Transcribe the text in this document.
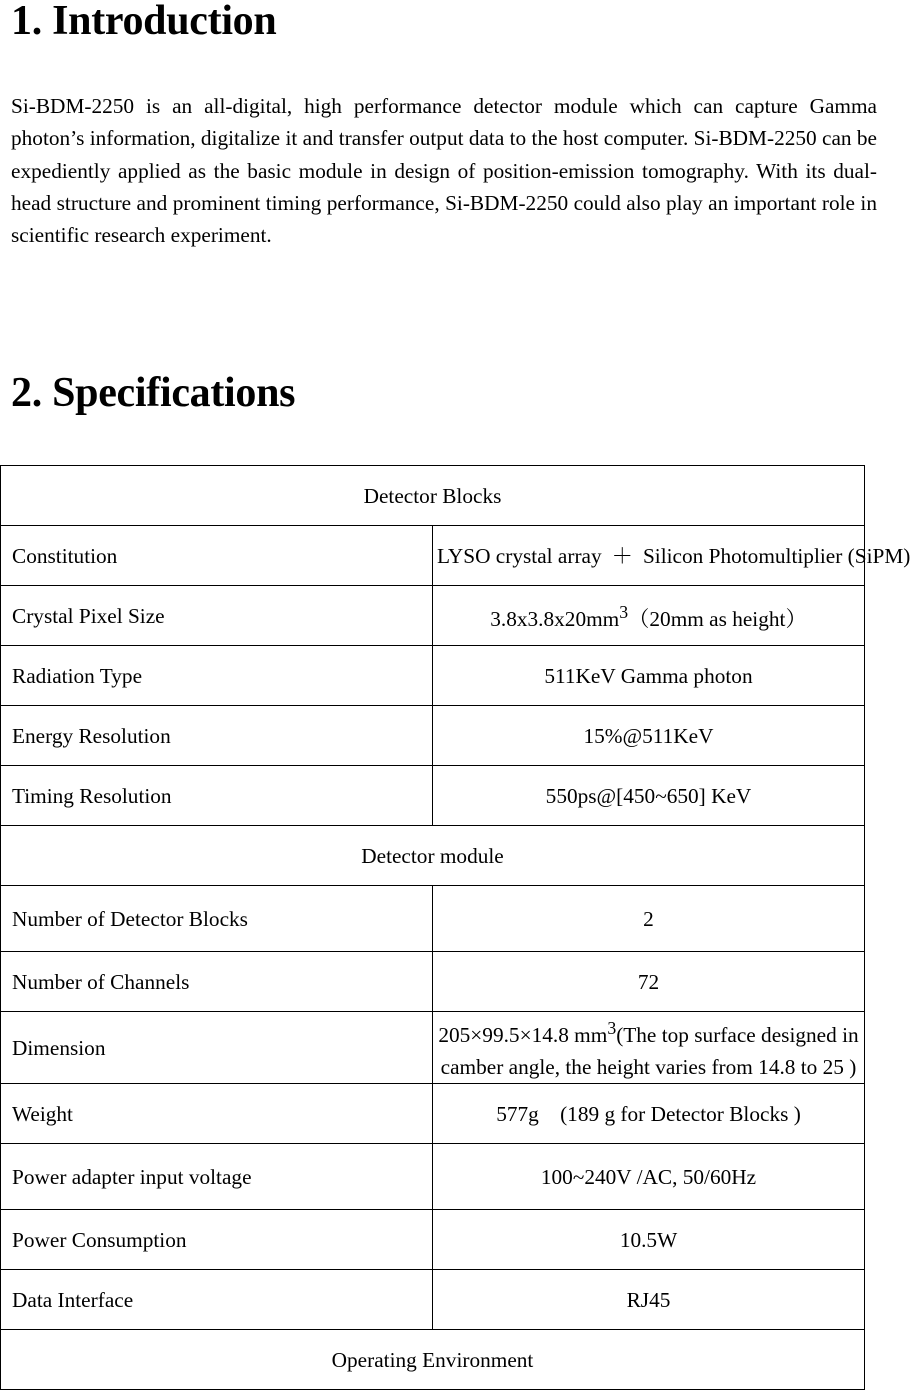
1. Introduction

Si-BDM-2250 is an all-digital, high performance detector module which can capture Gamma photon’s information, digitalize it and transfer output data to the host computer. Si-BDM-2250 can be expediently applied as the basic module in design of position-emission tomography. With its dual-head structure and prominent timing performance, Si-BDM-2250 could also play an important role in scientific research experiment.

2. Specifications
Detector Blocks	
Constitution	LYSO crystal array ＋ Silicon Photomultiplier (SiPM)
Crystal Pixel Size	$3.8x3.8x20mm^3(20mm$ as height）
Radiation Type	511KeV Gamma photon
Energy Resolution	15%@511KeV
Timing Resolution	550ps@[450~650] KeV
Detector module	
Number of Detector Blocks	2
Number of Channels	72
Dimension	205×99.5×14.8 $mm^3(The$ top surface designed in camber angle, the height varies from 14.8 to 25 )
Weight	577g　(189 g for Detector Blocks )
Power adapter input voltage	100~240V /AC, 50/60Hz
Power Consumption	10.5W
Data Interface	RJ45
Operating Environment	
